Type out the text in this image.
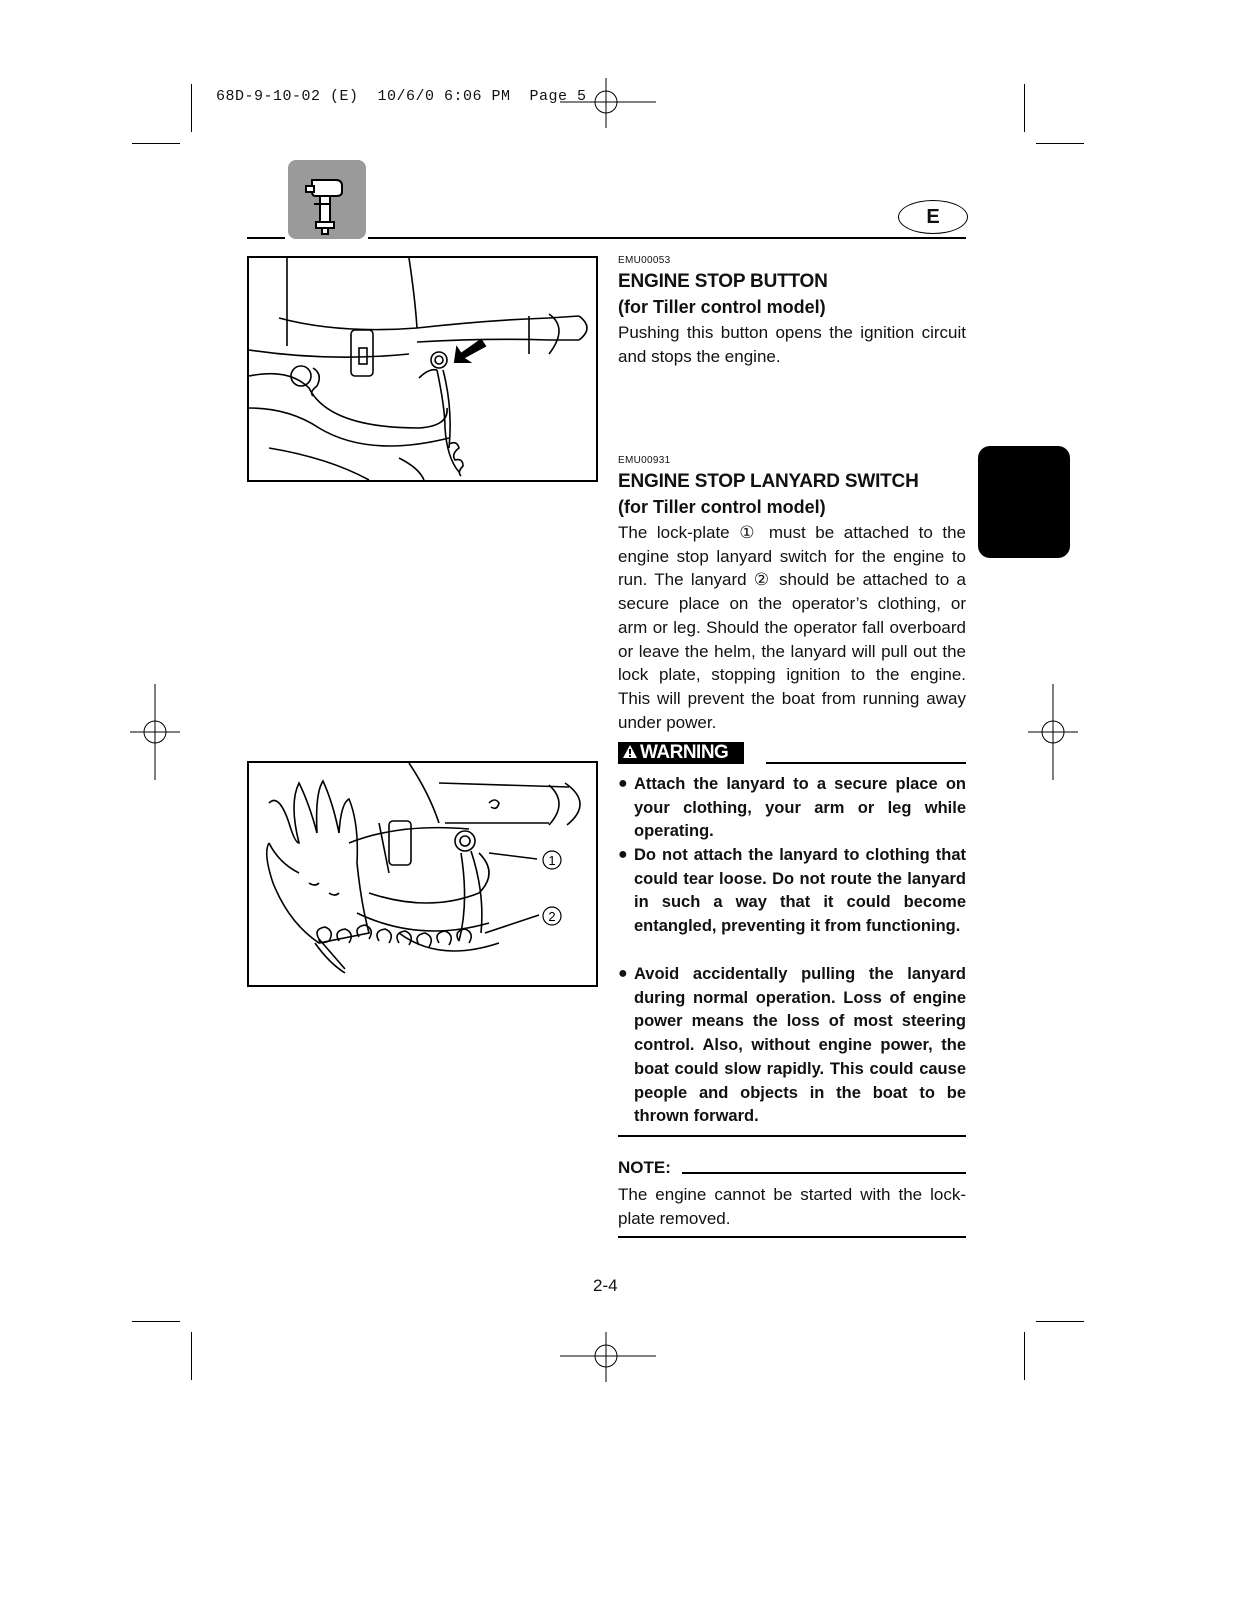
68D-9-10-02 (E)  10/6/0 6:06 PM  Page 5
E
1
2
EMU00053
ENGINE STOP BUTTON
(for Tiller control model)
Pushing this button opens the ignition circuit and stops the engine.
EMU00931
ENGINE STOP LANYARD SWITCH
(for Tiller control model)
The lock-plate ① must be attached to the engine stop lanyard switch for the engine to run. The lanyard ② should be attached to a secure place on the operator’s clothing, or arm or leg. Should the operator fall overboard or leave the helm, the lanyard will pull out the lock plate, stopping ignition to the engine. This will prevent the boat from running away under power.
WARNING
● Attach the lanyard to a secure place on your clothing, your arm or leg while operating.
● Do not attach the lanyard to clothing that could tear loose. Do not route the lanyard in such a way that it could become entangled, preventing it from functioning.
● Avoid accidentally pulling the lanyard during normal operation. Loss of engine power means the loss of most steering control. Also, without engine power, the boat could slow rapidly. This could cause people and objects in the boat to be thrown forward.
NOTE:
The engine cannot be started with the lock-plate removed.
2-4
